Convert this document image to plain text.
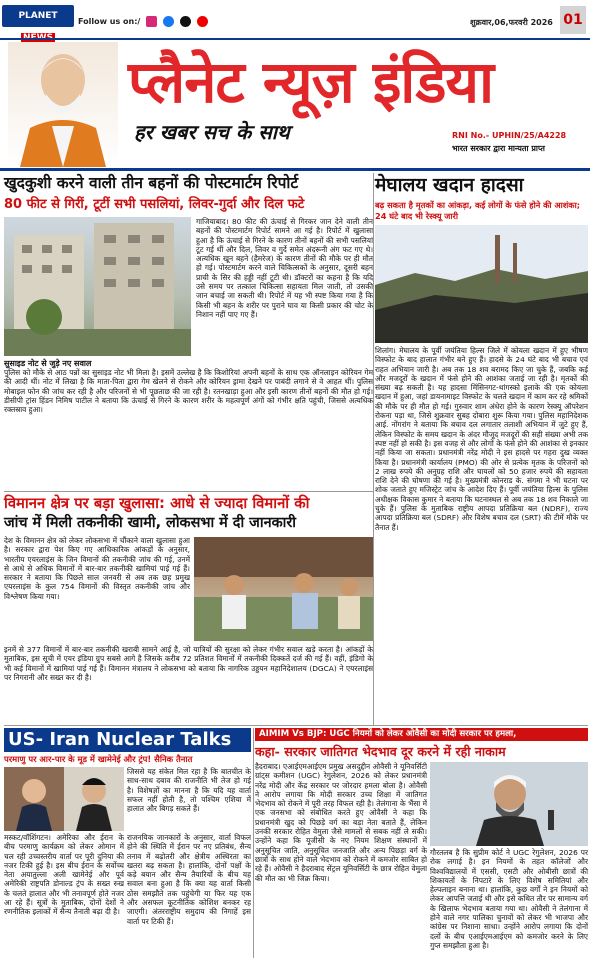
PLANET
Follow us on:/	शुक्रवार,06,फरवरी 2026 01
प्लैनेट न्यूज़ इंडिया
हर खबर सच के साथ	RNI No.- UPHIN/25/A4228
भारत सरकार द्वारा मान्यता प्राप्त
खुदकुशी करने वाली तीन बहनों की पोस्टमार्टम रिपोर्ट
80 फीट से गिरीं, टूटीं सभी पसलियां, लिवर-गुर्दा और दिल फटे
सुसाइड नोट से जुड़े नए सवाल
गाजियाबाद। 80 फीट की ऊंचाई से गिरकर जान देने वाली तीन बहनों की पोस्टमार्टम रिपोर्ट सामने आ गई है। रिपोर्ट में खुलासा हुआ है कि ऊंचाई से गिरने के कारण तीनों बहनों की सभी पसलियां टूट गई थीं और दिल, लिवर व गुर्दे समेत अंदरूनी अंग फट गए थे। अत्यधिक खून बहने (हैमरेज) के कारण तीनों की मौके पर ही मौत हो गई। पोस्टमार्टम करने वाले चिकित्सकों के अनुसार, दूसरी बहन प्राची के सिर की हड्डी नहीं टूटी थी। डॉक्टरों का कहना है कि यदि उसे समय पर तत्काल चिकित्सा सहायता मिल जाती, तो उसकी जान बचाई जा सकती थी। रिपोर्ट में यह भी स्पष्ट किया गया है कि किसी भी बहन के शरीर पर पुराने घाव या किसी प्रकार की चोट के निशान नहीं पाए गए हैं।
पुलिस को मौके से आठ पन्नों का सुसाइड नोट भी मिला है। इसमें उल्लेख है कि किशोरियां अपनी बहनों के साथ एक ऑनलाइन कोरियन गेम की आदी थीं। नोट में लिखा है कि माता-पिता द्वारा गेम खेलने से रोकने और कोरियन ड्रामा देखने पर पाबंदी लगाने से वे आहत थीं। पुलिस मोबाइल फोन की जांच कर रही है और परिजनों से भी पूछताछ की जा रही है। रतनखाड़ा हुआ और इसी कारण तीनों बहनों की मौत हो गई। डीसीपी ट्रांस हिंडन निमिष पाटील ने बताया कि ऊंचाई से गिरने के कारण शरीर के महत्वपूर्ण अंगों को गंभीर क्षति पहुंची, जिससे अत्यधिक रक्तस्राव हुआ।
मेघालय खदान हादसा
बढ़ सकता है मृतकों का आंकड़ा, कई लोगों के फंसे होने की आशंका; 24 घंटे बाद भी रेस्क्यू जारी
शिलांग। मेघालय के पूर्वी जयंतिया हिल्स जिले में कोयला खदान में हुए भीषण विस्फोट के बाद हालात गंभीर बने हुए हैं। हादसे के 24 घंटे बाद भी बचाव एवं राहत अभियान जारी है। अब तक 18 शव बरामद किए जा चुके हैं, जबकि कई और मजदूरों के खदान में फंसे होने की आशंका जताई जा रही है। मृतकों की संख्या बढ़ सकती है। यह हादसा मिंसिनगट-थांगस्को इलाके की एक कोयला खदान में हुआ, जहां डायनामाइट विस्फोट के चलते खदान में काम कर रहे श्रमिकों की मौके पर ही मौत हो गई। गुरुवार शाम अंधेरा होने के कारण रेस्क्यू ऑपरेशन रोकना पड़ा था, जिसे शुक्रवार सुबह दोबारा शुरू किया गया। पुलिस महानिदेशक आई. नोंगरांग ने बताया कि बचाव दल लगातार तलाशी अभियान में जुटे हुए हैं, लेकिन विस्फोट के समय खदान के अंदर मौजूद मजदूरों की सही संख्या अभी तक स्पष्ट नहीं हो सकी है। इस वजह से और लोगों के फंसे होने की आशंका से इनकार नहीं किया जा सकता। प्रधानमंत्री नरेंद्र मोदी ने इस हादसे पर गहरा दुख व्यक्त किया है। प्रधानमंत्री कार्यालय (PMO) की ओर से प्रत्येक मृतक के परिजनों को 2 लाख रुपये की अनुग्रह राशि और घायलों को 50 हजार रुपये की सहायता राशि देने की घोषणा की गई है। मुख्यमंत्री कोनराड के. संगमा ने भी घटना पर शोक जताते हुए मजिस्ट्रेट जांच के आदेश दिए हैं। पूर्वी जयंतिया हिल्स के पुलिस अधीक्षक विकास कुमार ने बताया कि घटनास्थल से अब तक 18 शव निकाले जा चुके हैं। पुलिस के मुताबिक राष्ट्रीय आपदा प्रतिक्रिया बल (NDRF), राज्य आपदा प्रतिक्रिया बल (SDRF) और विशेष बचाव दल (SRT) की टीमें मौके पर तैनात हैं।
विमानन क्षेत्र पर बड़ा खुलासा: आधे से ज्यादा विमानों की
जांच में मिली तकनीकी खामी, लोकसभा में दी जानकारी
देश के विमानन क्षेत्र को लेकर लोकसभा में चौंकाने वाला खुलासा हुआ है। सरकार द्वारा पेश किए गए आधिकारिक आंकड़ों के अनुसार, भारतीय एयरलाइंस के जिन विमानों की तकनीकी जांच की गई, उनमें से आधे से अधिक विमानों में बार-बार तकनीकी खामियां पाई गई हैं। सरकार ने बताया कि पिछले साल जनवरी से अब तक छह प्रमुख एयरलाइंस के कुल 754 विमानों की विस्तृत तकनीकी जांच और विश्लेषण किया गया।
इनमें से 377 विमानों में बार-बार तकनीकी खराबी सामने आई है, जो यात्रियों की सुरक्षा को लेकर गंभीर सवाल खड़े करता है। आंकड़ों के मुताबिक, इस सूची में एयर इंडिया ग्रुप सबसे आगे है जिसके करीब 72 प्रतिशत विमानों में तकनीकी दिक्कतें दर्ज की गई हैं। वहीं, इंडिगो के भी कई विमानों में खामियां पाई गई हैं। विमानन मंत्रालय ने लोकसभा को बताया कि नागरिक उड्डयन महानिदेशालय (DGCA) ने एयरलाइंस पर निगरानी और सख्त कर दी है।
US- Iran Nuclear Talks
परमाणु पर आर-पार के मूड में खामेनेई और ट्रंप! सैनिक तैनात
जिससे यह संकेत मिल रहा है कि बातचीत के साथ-साथ दबाव की राजनीति भी तेज हो गई है। विशेषज्ञों का मानना है कि यदि यह वार्ता सफल नहीं होती है, तो पश्चिम एशिया में हालात और बिगड़ सकते हैं।
मस्कट/वॉशिंगटन। अमेरिका और ईरान के बीच परमाणु कार्यक्रम को लेकर ओमान में चल रही उच्चस्तरीय वार्ता पर पूरी दुनिया की नजर टिकी हुई है। इस बीच ईरान के सर्वोच्च नेता अयातुल्ला अली खामेनेई और पूर्व अमेरिकी राष्ट्रपति डोनाल्ड ट्रंप के सख्त रुख के चलते हालात और भी तनावपूर्ण होते नजर आ रहे हैं। सूत्रों के मुताबिक, दोनों देशों ने रणनीतिक इलाकों में सैन्य तैनाती बढ़ा दी है।
राजनयिक जानकारों के अनुसार, वार्ता विफल होने की स्थिति में ईरान पर नए प्रतिबंध, सैन्य तनाव में बढ़ोतरी और क्षेत्रीय अस्थिरता का खतरा बढ़ सकता है। हालांकि, दोनों पक्षों के कड़े बयान और सैन्य तैयारियों के बीच यह सवाल बना हुआ है कि क्या यह वार्ता किसी ठोस समझौते तक पहुंचेगी या फिर यह एक और असफल कूटनीतिक कोशिश बनकर रह जाएगी। अंतरराष्ट्रीय समुदाय की निगाहें इस वार्ता पर टिकी हैं।
AIMIM Vs BJP: UGC नियमों को लेकर ओवैसी का मोदी सरकार पर हमला,
कहा- सरकार जातिगत भेदभाव दूर करने में रही नाकाम
हैदराबाद। एआईएमआईएम प्रमुख असदुद्दीन ओवैसी ने यूनिवर्सिटी ग्रांट्स कमीशन (UGC) रेगुलेशन, 2026 को लेकर प्रधानमंत्री नरेंद्र मोदी और केंद्र सरकार पर जोरदार हमला बोला है। ओवैसी ने आरोप लगाया कि मोदी सरकार उच्च शिक्षा में जातिगत भेदभाव को रोकने में पूरी तरह विफल रही है। तेलंगाना के भैंसा में एक जनसभा को संबोधित करते हुए ओवैसी ने कहा कि प्रधानमंत्री खुद को पिछड़े वर्ग का बड़ा नेता बताते हैं, लेकिन उनकी सरकार रोहित वेमुला जैसे मामलों से सबक नहीं ले सकी। उन्होंने कहा कि यूजीसी के नए नियम शिक्षण संस्थानों में अनुसूचित जाति, अनुसूचित जनजाति और अन्य पिछड़ा वर्ग के छात्रों के साथ होने वाले भेदभाव को रोकने में कमजोर साबित हो रहे हैं। ओवैसी ने हैदराबाद सेंट्रल यूनिवर्सिटी के छात्र रोहित वेमुला की मौत का भी जिक्र किया।
गौरतलब है कि सुप्रीम कोर्ट ने UGC रेगुलेशन, 2026 पर रोक लगाई है। इन नियमों के तहत कॉलेजों और विश्वविद्यालयों में एससी, एसटी और ओबीसी छात्रों की शिकायतों के निपटारे के लिए विशेष समितियां और हेल्पलाइन बनाना था। हालांकि, कुछ वर्गों ने इन नियमों को लेकर आपत्ति जताई थी और इसे कथित तौर पर सामान्य वर्ग के खिलाफ भेदभाव बताया गया था। ओवैसी ने तेलंगाना में होने वाले नगर पालिका चुनावों को लेकर भी भाजपा और कांग्रेस पर निशाना साधा। उन्होंने आरोप लगाया कि दोनों दलों के बीच एआईएमआईएम को कमजोर करने के लिए गुप्त समझौता हुआ है।
